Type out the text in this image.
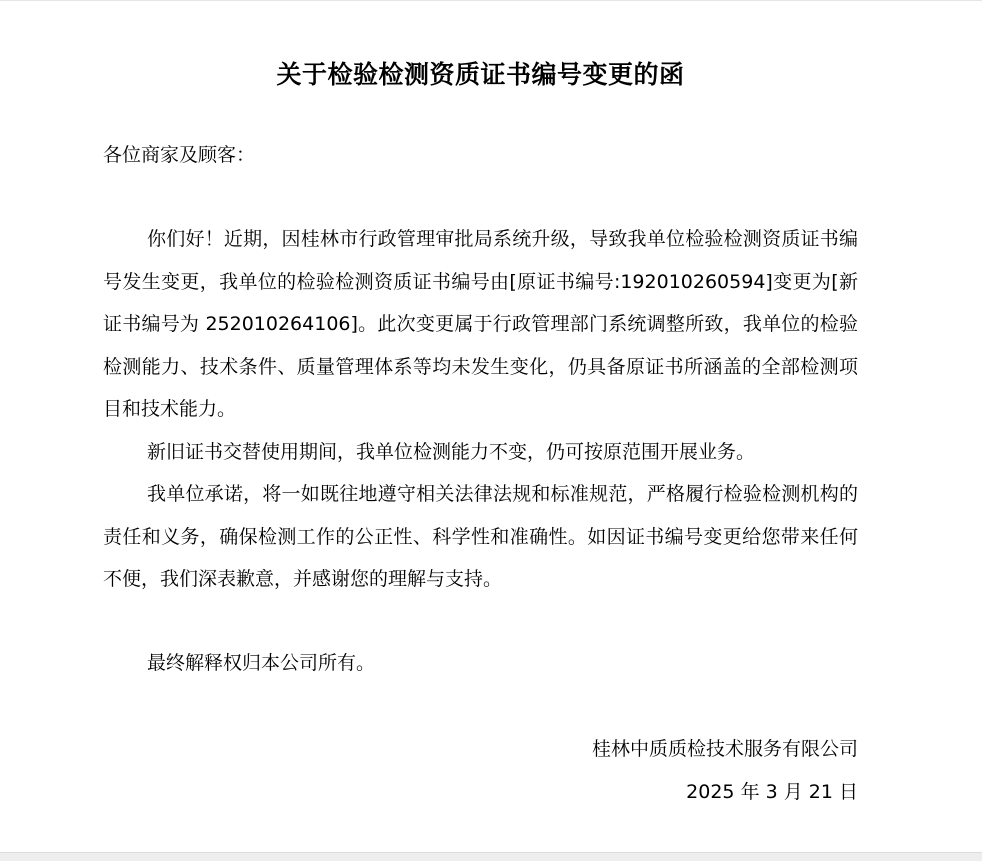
关于检验检测资质证书编号变更的函
各位商家及顾客：
你们好！近期，因桂林市行政管理审批局系统升级，导致我单位检验检测资质证书编号发生变更，我单位的检验检测资质证书编号由[原证书编号:192010260594]变更为[新证书编号为 252010264106]。此次变更属于行政管理部门系统调整所致，我单位的检验检测能力、技术条件、质量管理体系等均未发生变化，仍具备原证书所涵盖的全部检测项目和技术能力。
新旧证书交替使用期间，我单位检测能力不变，仍可按原范围开展业务。
我单位承诺，将一如既往地遵守相关法律法规和标准规范，严格履行检验检测机构的责任和义务，确保检测工作的公正性、科学性和准确性。如因证书编号变更给您带来任何不便，我们深表歉意，并感谢您的理解与支持。
最终解释权归本公司所有。
桂林中质质检技术服务有限公司
2025 年 3 月 21 日
